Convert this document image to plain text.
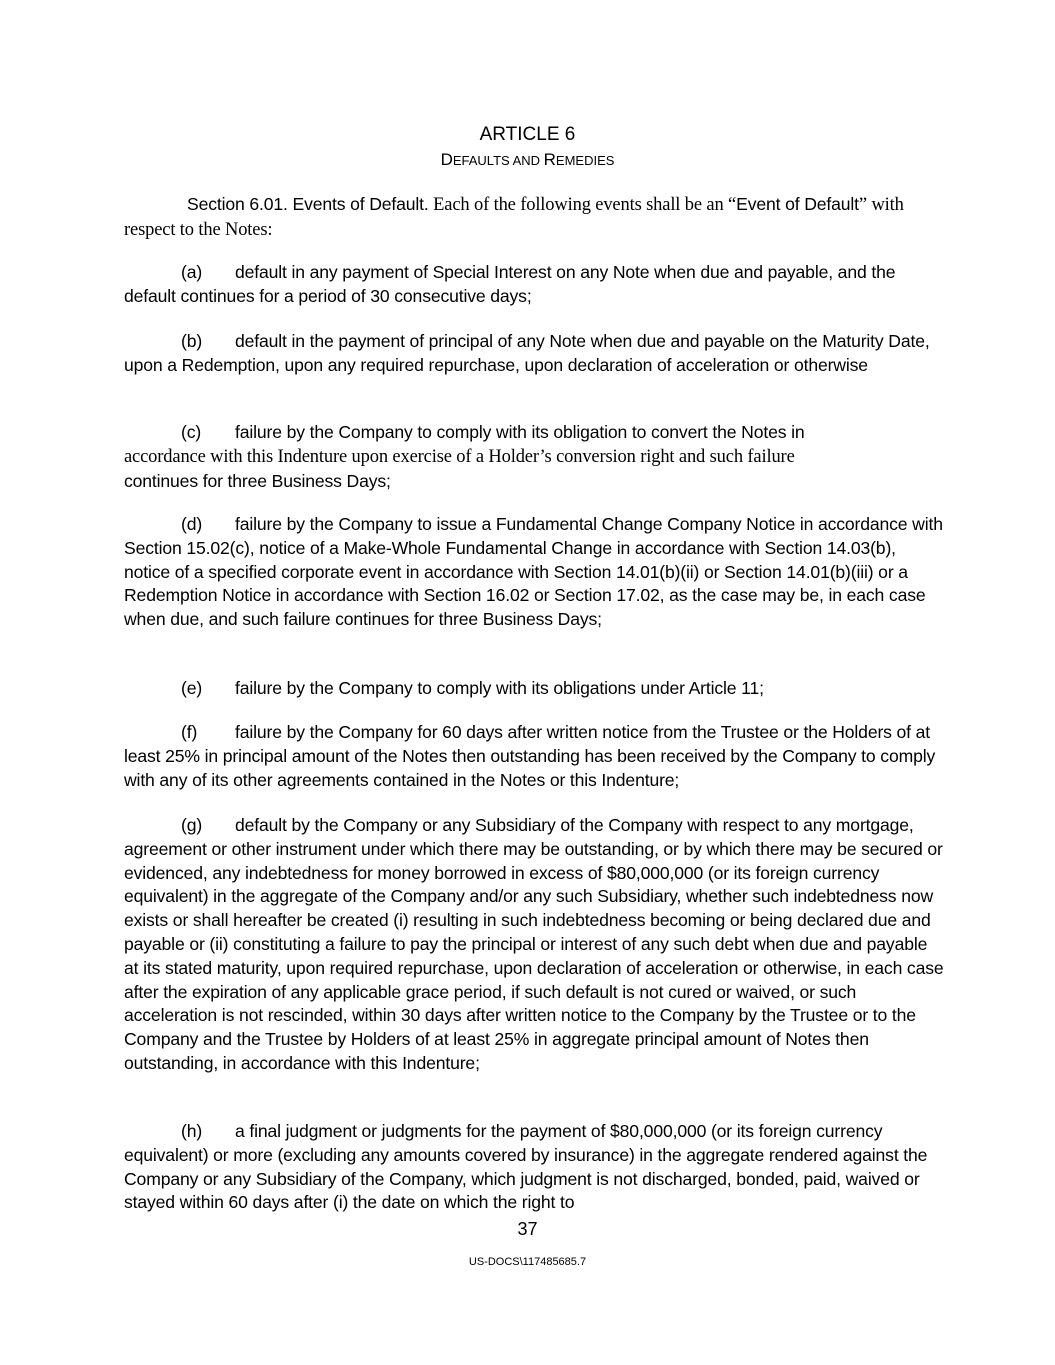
ARTICLE 6
DEFAULTS AND REMEDIES
Section 6.01. Events of Default. Each of the following events shall be an “Event of Default” with respect to the Notes:
(a) default in any payment of Special Interest on any Note when due and payable, and the default continues for a period of 30 consecutive days;
(b) default in the payment of principal of any Note when due and payable on the Maturity Date, upon a Redemption, upon any required repurchase, upon declaration of acceleration or otherwise
(c) failure by the Company to comply with its obligation to convert the Notes in
accordance with this Indenture upon exercise of a Holder’s conversion right and such failure
continues for three Business Days;
(d) failure by the Company to issue a Fundamental Change Company Notice in accordance with Section 15.02(c), notice of a Make-Whole Fundamental Change in accordance with Section 14.03(b), notice of a specified corporate event in accordance with Section 14.01(b)(ii) or Section 14.01(b)(iii) or a Redemption Notice in accordance with Section 16.02 or Section 17.02, as the case may be, in each case when due, and such failure continues for three Business Days;
(e) failure by the Company to comply with its obligations under Article 11;
(f) failure by the Company for 60 days after written notice from the Trustee or the Holders of at least 25% in principal amount of the Notes then outstanding has been received by the Company to comply with any of its other agreements contained in the Notes or this Indenture;
(g) default by the Company or any Subsidiary of the Company with respect to any mortgage, agreement or other instrument under which there may be outstanding, or by which there may be secured or evidenced, any indebtedness for money borrowed in excess of $80,000,000 (or its foreign currency equivalent) in the aggregate of the Company and/or any such Subsidiary, whether such indebtedness now exists or shall hereafter be created (i) resulting in such indebtedness becoming or being declared due and payable or (ii) constituting a failure to pay the principal or interest of any such debt when due and payable at its stated maturity, upon required repurchase, upon declaration of acceleration or otherwise, in each case after the expiration of any applicable grace period, if such default is not cured or waived, or such acceleration is not rescinded, within 30 days after written notice to the Company by the Trustee or to the Company and the Trustee by Holders of at least 25% in aggregate principal amount of Notes then outstanding, in accordance with this Indenture;
(h) a final judgment or judgments for the payment of $80,000,000 (or its foreign currency equivalent) or more (excluding any amounts covered by insurance) in the aggregate rendered against the Company or any Subsidiary of the Company, which judgment is not discharged, bonded, paid, waived or stayed within 60 days after (i) the date on which the right to
37
US-DOCS\117485685.7
